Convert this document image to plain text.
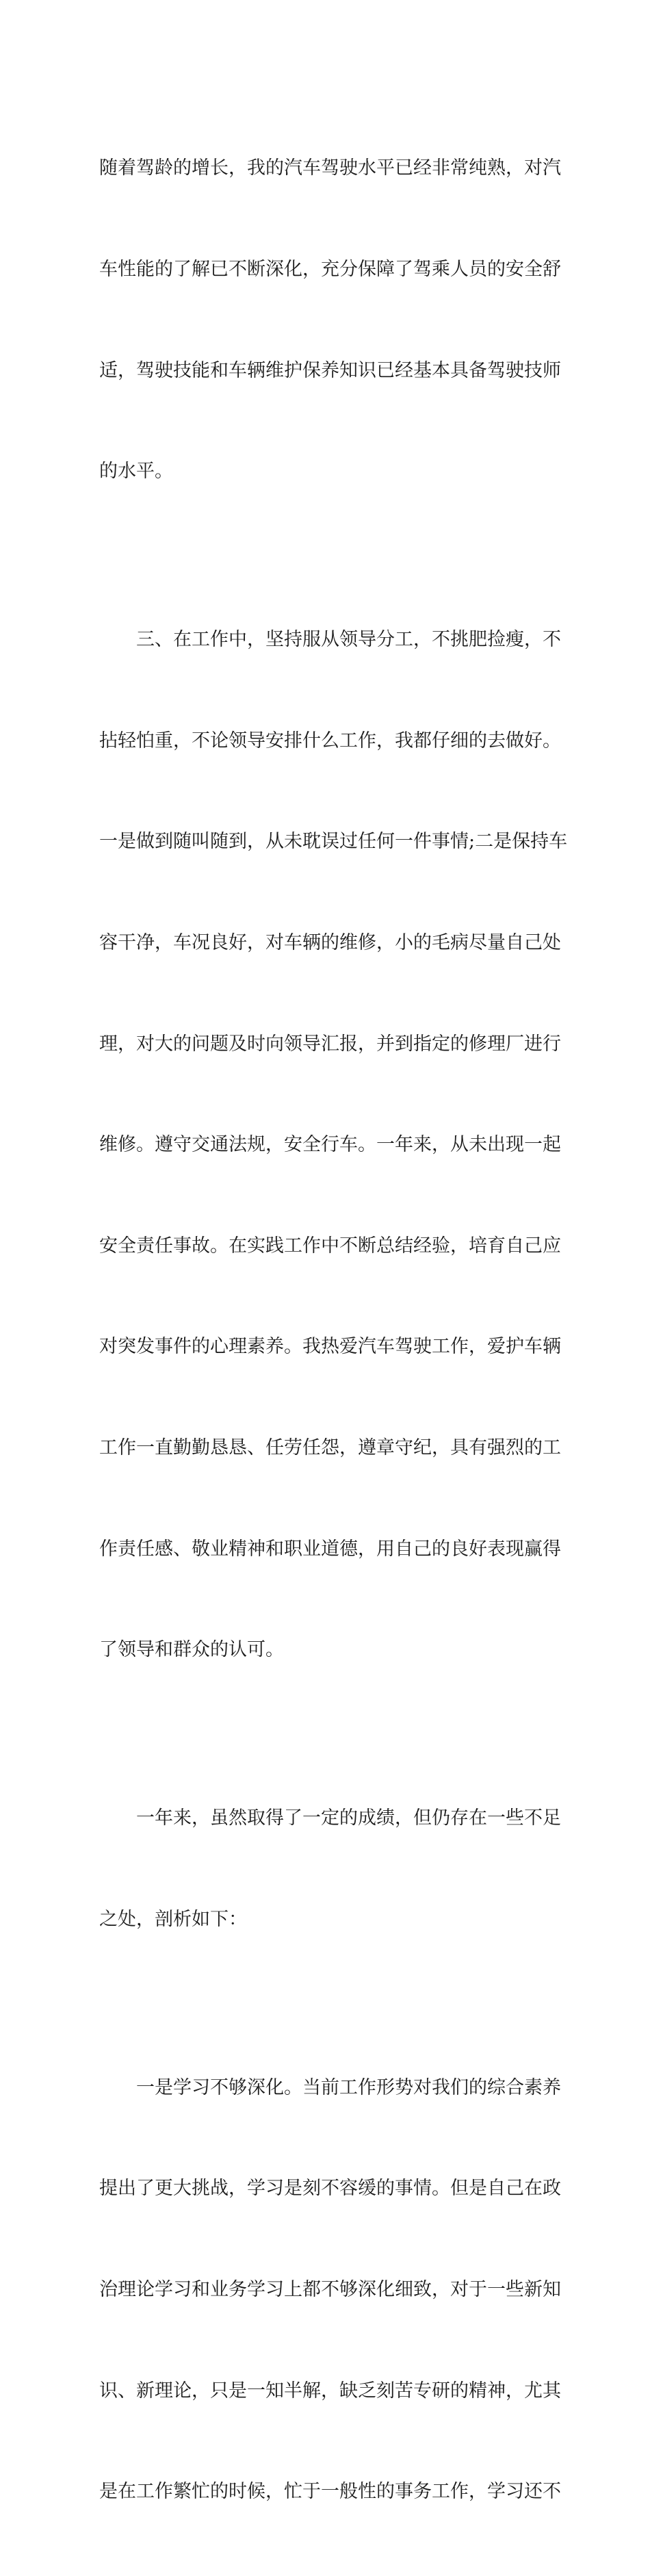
随着驾龄的增长，我的汽车驾驶水平已经非常纯熟，对汽

车性能的了解已不断深化，充分保障了驾乘人员的安全舒

适，驾驶技能和车辆维护保养知识已经基本具备驾驶技师

的水平。

　　三、在工作中，坚持服从领导分工，不挑肥捡瘦，不

拈轻怕重，不论领导安排什么工作，我都仔细的去做好。

一是做到随叫随到，从未耽误过任何一件事情;二是保持车

容干净，车况良好，对车辆的维修，小的毛病尽量自己处

理，对大的问题及时向领导汇报，并到指定的修理厂进行

维修。遵守交通法规，安全行车。一年来，从未出现一起

安全责任事故。在实践工作中不断总结经验，培育自己应

对突发事件的心理素养。我热爱汽车驾驶工作，爱护车辆

工作一直勤勤恳恳、任劳任怨，遵章守纪，具有强烈的工

作责任感、敬业精神和职业道德，用自己的良好表现赢得

了领导和群众的认可。

　　一年来，虽然取得了一定的成绩，但仍存在一些不足

之处，剖析如下：

　　一是学习不够深化。当前工作形势对我们的综合素养

提出了更大挑战，学习是刻不容缓的事情。但是自己在政

治理论学习和业务学习上都不够深化细致，对于一些新知

识、新理论，只是一知半解，缺乏刻苦专研的精神，尤其

是在工作繁忙的时候，忙于一般性的事务工作，学习还不
